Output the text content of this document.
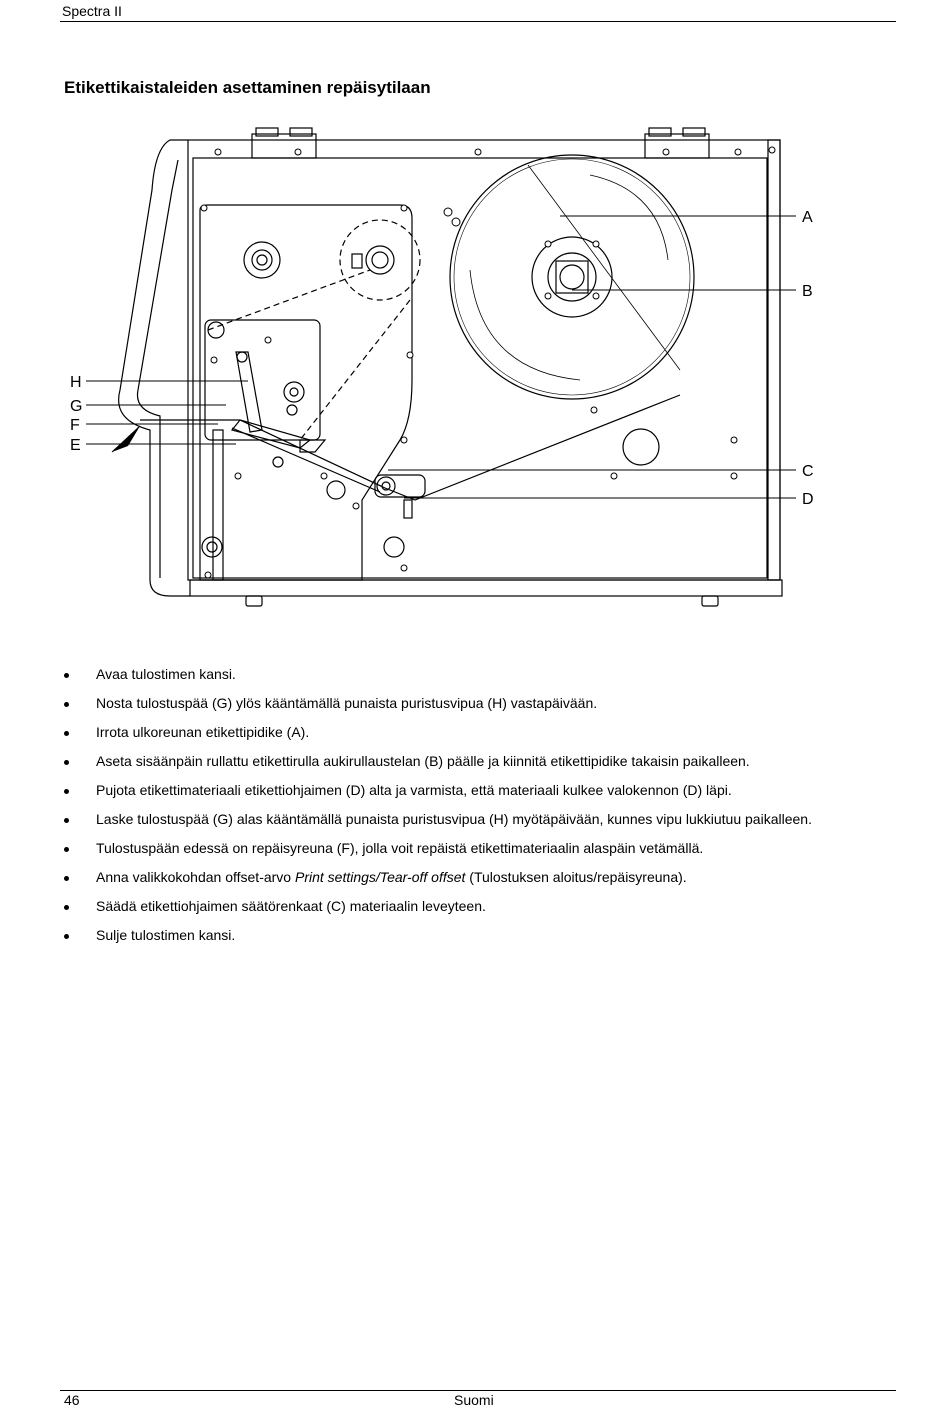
Spectra II
Etikettikaistaleiden asettaminen repäisytilaan
A
B
C
D
H
G
F
E
Avaa tulostimen kansi.
Nosta tulostuspää (G) ylös kääntämällä punaista puristusvipua (H) vastapäivään.
Irrota ulkoreunan etikettipidike (A).
Aseta sisäänpäin rullattu etikettirulla aukirullaustelan (B) päälle ja kiinnitä etikettipidike takaisin paikalleen.
Pujota etikettimateriaali etikettiohjaimen (D) alta ja varmista, että materiaali kulkee valokennon (D) läpi.
Laske tulostuspää (G) alas kääntämällä punaista puristusvipua (H) myötäpäivään, kunnes vipu lukkiutuu paikalleen.
Tulostuspään edessä on repäisyreuna (F), jolla voit repäistä etikettimateriaalin alaspäin vetämällä.
Anna valikkokohdan offset-arvo Print settings/Tear-off offset (Tulostuksen aloitus/repäisyreuna).
Säädä etikettiohjaimen säätörenkaat (C) materiaalin leveyteen.
Sulje tulostimen kansi.
46	Suomi
